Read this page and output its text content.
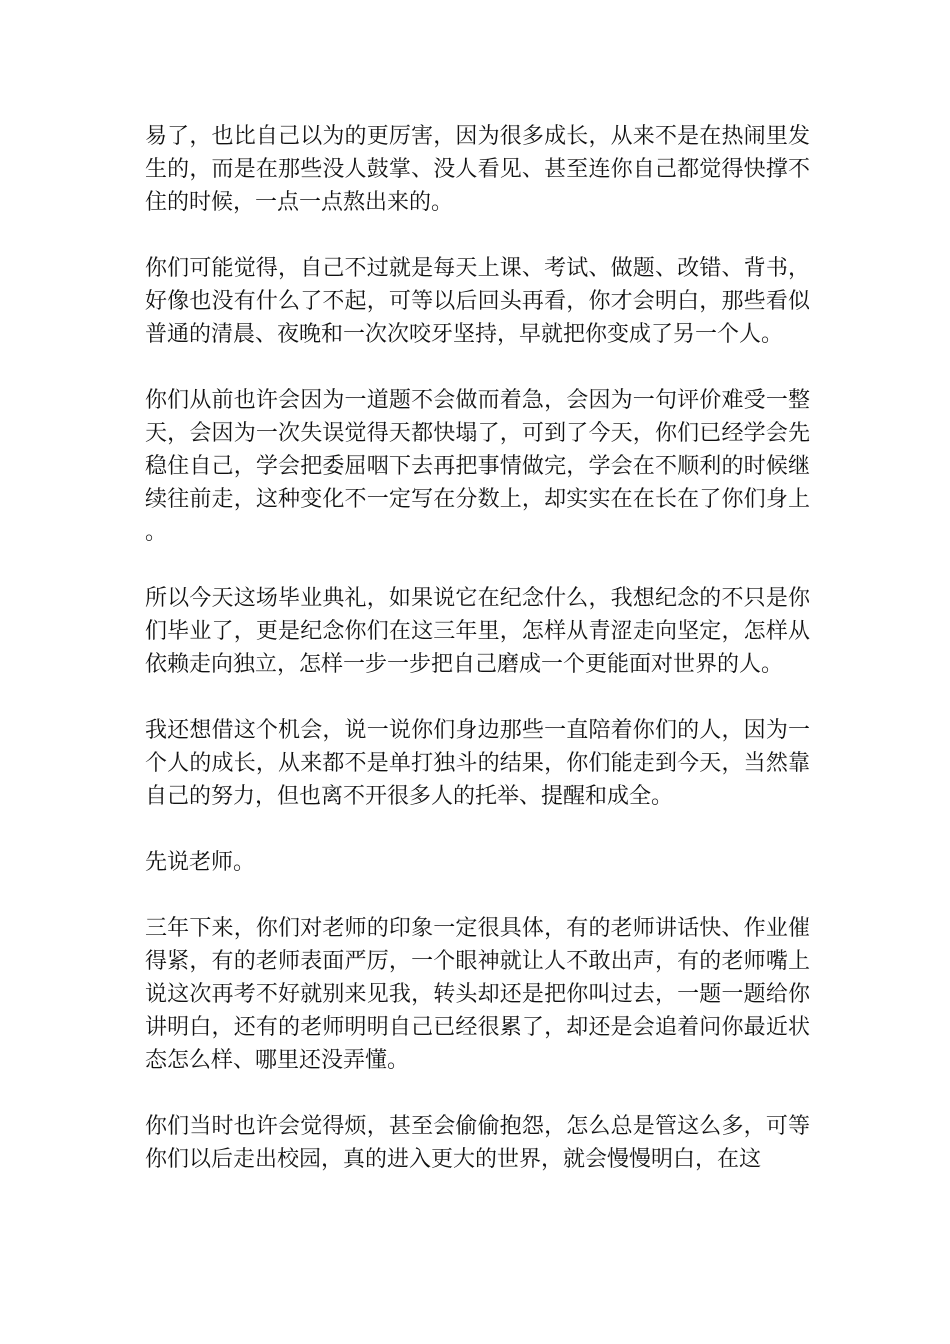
易了，也比自己以为的更厉害，因为很多成长，从来不是在热闹里发生的，而是在那些没人鼓掌、没人看见、甚至连你自己都觉得快撑不住的时候，一点一点熬出来的。

你们可能觉得，自己不过就是每天上课、考试、做题、改错、背书，好像也没有什么了不起，可等以后回头再看，你才会明白，那些看似普通的清晨、夜晚和一次次咬牙坚持，早就把你变成了另一个人。

你们从前也许会因为一道题不会做而着急，会因为一句评价难受一整天，会因为一次失误觉得天都快塌了，可到了今天，你们已经学会先稳住自己，学会把委屈咽下去再把事情做完，学会在不顺利的时候继续往前走，这种变化不一定写在分数上，却实实在在长在了你们身上。

所以今天这场毕业典礼，如果说它在纪念什么，我想纪念的不只是你们毕业了，更是纪念你们在这三年里，怎样从青涩走向坚定，怎样从依赖走向独立，怎样一步一步把自己磨成一个更能面对世界的人。

我还想借这个机会，说一说你们身边那些一直陪着你们的人，因为一个人的成长，从来都不是单打独斗的结果，你们能走到今天，当然靠自己的努力，但也离不开很多人的托举、提醒和成全。

先说老师。

三年下来，你们对老师的印象一定很具体，有的老师讲话快、作业催得紧，有的老师表面严厉，一个眼神就让人不敢出声，有的老师嘴上说这次再考不好就别来见我，转头却还是把你叫过去，一题一题给你讲明白，还有的老师明明自己已经很累了，却还是会追着问你最近状态怎么样、哪里还没弄懂。

你们当时也许会觉得烦，甚至会偷偷抱怨，怎么总是管这么多，可等你们以后走出校园，真的进入更大的世界，就会慢慢明白，在这
